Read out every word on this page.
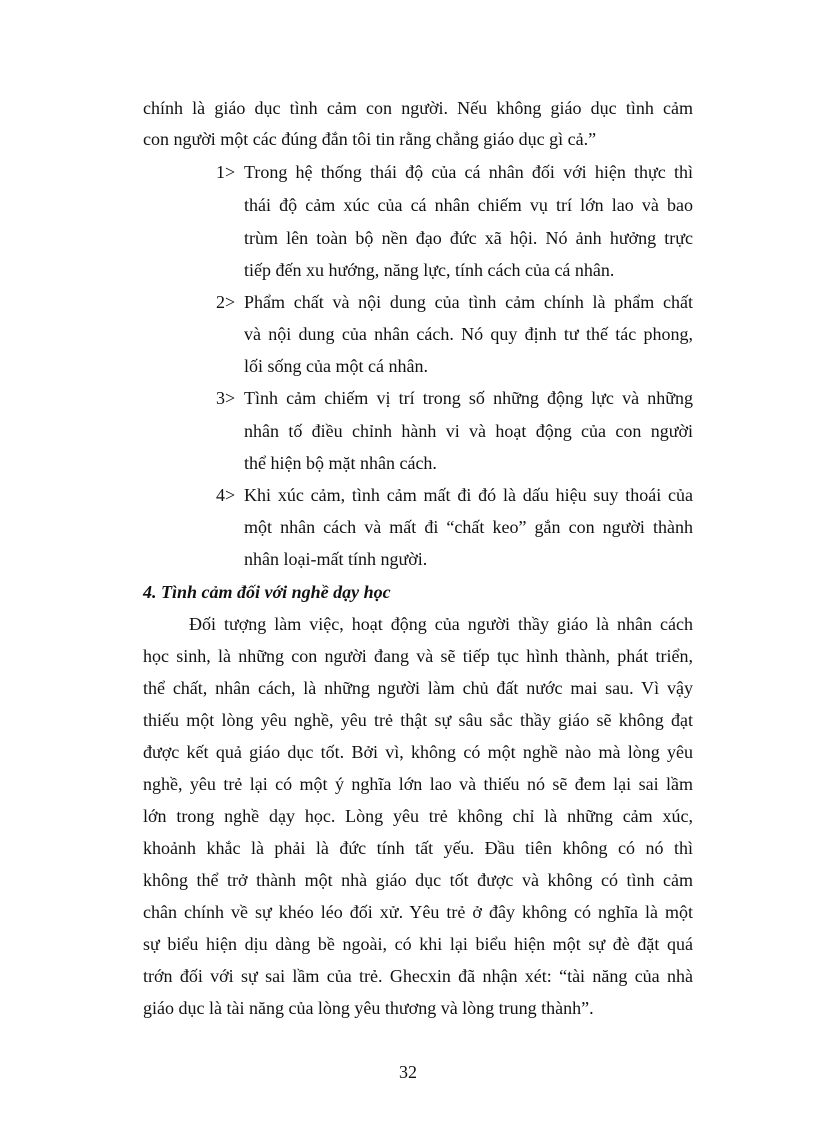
chính là giáo dục tình cảm con người. Nếu không giáo dục tình cảm
con người một các đúng đắn tôi tin rằng chẳng giáo dục gì cả.”
1> Trong hệ thống thái độ của cá nhân đối với hiện thực thì
thái độ cảm xúc của cá nhân chiếm vụ trí lớn lao và bao
trùm lên toàn bộ nền đạo đức xã hội. Nó ảnh hưởng trực
tiếp đến xu hướng, năng lực, tính cách của cá nhân.
2> Phẩm chất và nội dung của tình cảm chính là phẩm chất
và nội dung của nhân cách. Nó quy định tư thế tác phong,
lối sống của một cá nhân.
3> Tình cảm chiếm vị trí trong số những động lực và những
nhân tố điều chỉnh hành vi và hoạt động của con người
thể hiện bộ mặt nhân cách.
4> Khi xúc cảm, tình cảm mất đi đó là dấu hiệu suy thoái của
một nhân cách và mất đi “chất keo” gắn con người thành
nhân loại-mất tính người.
4. Tình cảm đối với nghề dạy học
Đối tượng làm việc, hoạt động của người thầy giáo là nhân cách
học sinh, là những con người đang và sẽ tiếp tục hình thành, phát triển,
thể chất, nhân cách, là những người làm chủ đất nước mai sau. Vì vậy
thiếu một lòng yêu nghề, yêu trẻ thật sự sâu sắc thầy giáo sẽ không đạt
được kết quả giáo dục tốt. Bởi vì, không có một nghề nào mà lòng yêu
nghề, yêu trẻ lại có một ý nghĩa lớn lao và thiếu nó sẽ đem lại sai lầm
lớn trong nghề dạy học. Lòng yêu trẻ không chỉ là những cảm xúc,
khoảnh khắc là phải là đức tính tất yếu. Đầu tiên không có nó thì
không thể trở thành một nhà giáo dục tốt được và không có tình cảm
chân chính về sự khéo léo đối xử. Yêu trẻ ở đây không có nghĩa là một
sự biểu hiện dịu dàng bề ngoài, có khi lại biểu hiện một sự đè đặt quá
trớn đối với sự sai lầm của trẻ. Ghecxin đã nhận xét: “tài năng của nhà
giáo dục là tài năng của lòng yêu thương và lòng trung thành”.
32
